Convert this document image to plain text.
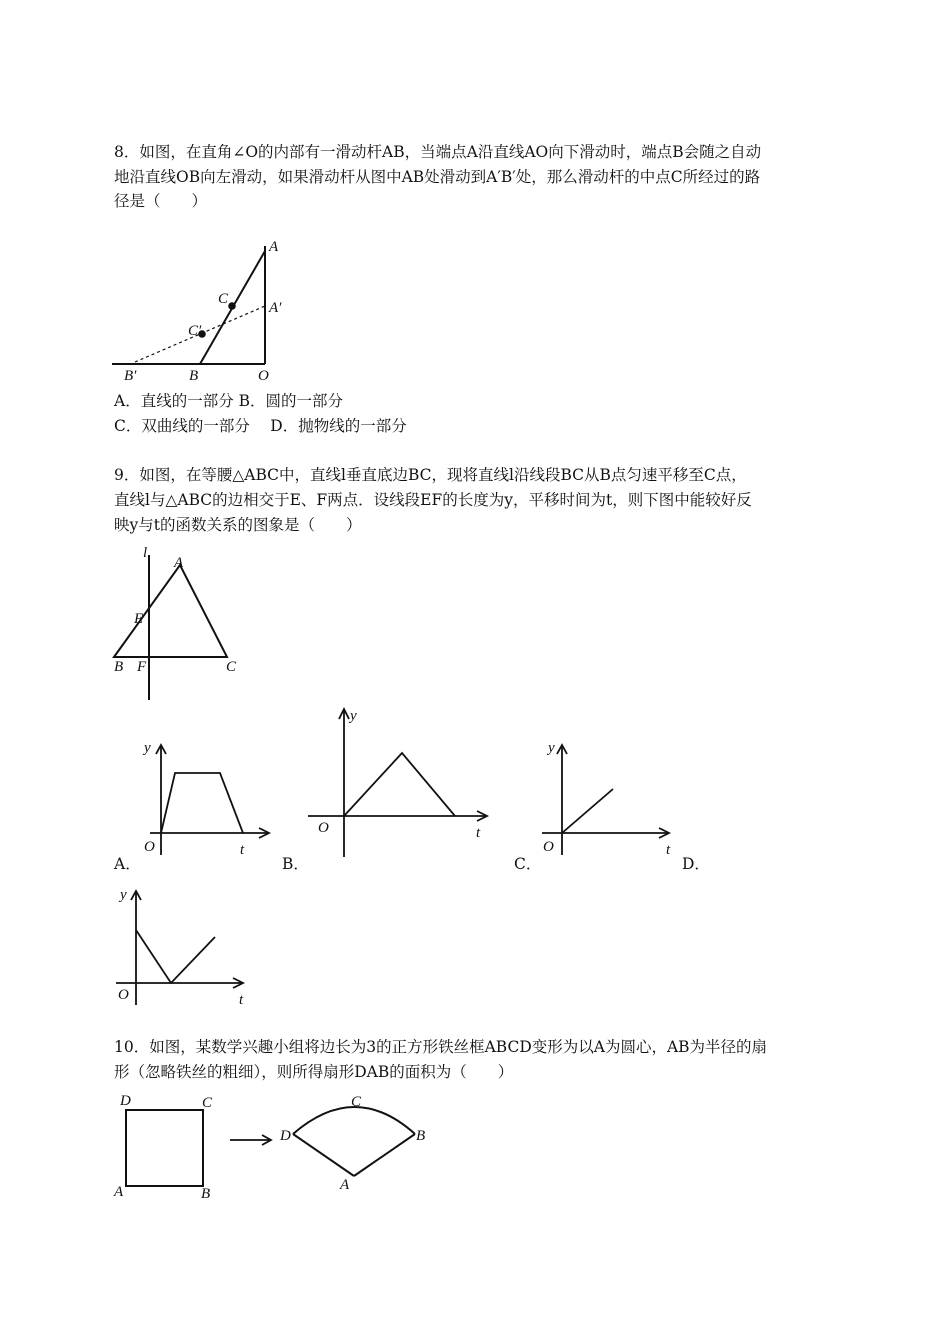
8．如图，在直角∠O的内部有一滑动杆AB，当端点A沿直线AO向下滑动时，端点B会随之自动
地沿直线OB向左滑动，如果滑动杆从图中AB处滑动到A′B′处，那么滑动杆的中点C所经过的路
径是（　　）
A
A′
C
C′
B′	B	O
A．直线的一部分 B．圆的一部分
C．双曲线的一部分　 D．抛物线的一部分
9．如图，在等腰△ABC中，直线l垂直底边BC，现将直线l沿线段BC从B点匀速平移至C点，
直线l与△ABC的边相交于E、F两点．设线段EF的长度为y，平移时间为t，则下图中能较好反
映y与t的函数关系的图象是（　　）
l
A
E
B F	C
y
O	t
A．
y
O	t
B．
y
O	t
C．	D．
y
O	t
10．如图，某数学兴趣小组将边长为3的正方形铁丝框ABCD变形为以A为圆心，AB为半径的扇
形（忽略铁丝的粗细），则所得扇形DAB的面积为（　　）
D	C
A	B
D
C
B
A
